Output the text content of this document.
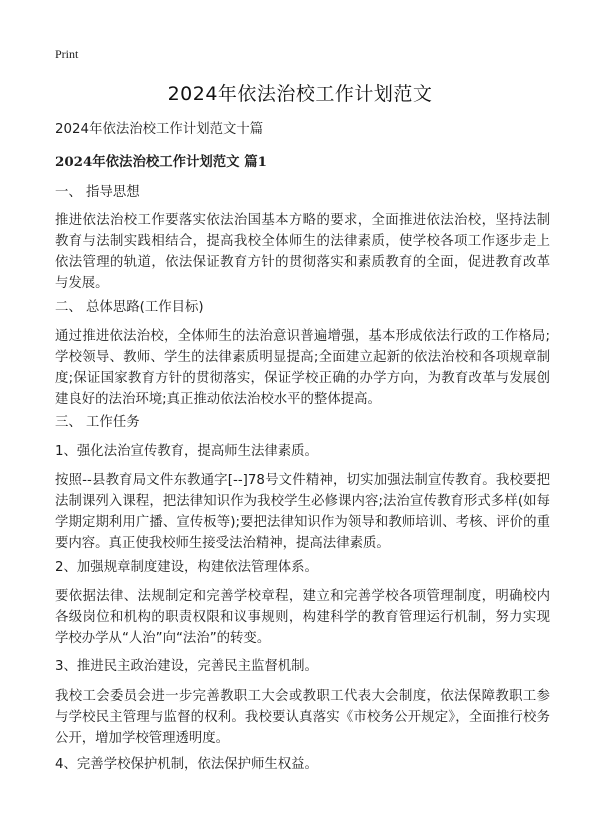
Print
2024年依法治校工作计划范文
2024年依法治校工作计划范文十篇
2024年依法治校工作计划范文 篇1
一、 指导思想
推进依法治校工作要落实依法治国基本方略的要求，全面推进依法治校，坚持法制教育与法制实践相结合，提高我校全体师生的法律素质，使学校各项工作逐步走上依法管理的轨道，依法保证教育方针的贯彻落实和素质教育的全面，促进教育改革与发展。
二、 总体思路(工作目标)
通过推进依法治校，全体师生的法治意识普遍增强，基本形成依法行政的工作格局;学校领导、教师、学生的法律素质明显提高;全面建立起新的依法治校和各项规章制度;保证国家教育方针的贯彻落实，保证学校正确的办学方向，为教育改革与发展创建良好的法治环境;真正推动依法治校水平的整体提高。
三、 工作任务
1、强化法治宣传教育，提高师生法律素质。
按照--县教育局文件东教通字[--]78号文件精神，切实加强法制宣传教育。我校要把法制课列入课程，把法律知识作为我校学生必修课内容;法治宣传教育形式多样(如每学期定期利用广播、宣传板等);要把法律知识作为领导和教师培训、考核、评价的重要内容。真正使我校师生接受法治精神，提高法律素质。
2、加强规章制度建设，构建依法管理体系。
要依据法律、法规制定和完善学校章程，建立和完善学校各项管理制度，明确校内各级岗位和机构的职责权限和议事规则，构建科学的教育管理运行机制，努力实现学校办学从“人治”向“法治”的转变。
3、推进民主政治建设，完善民主监督机制。
我校工会委员会进一步完善教职工大会或教职工代表大会制度，依法保障教职工参与学校民主管理与监督的权利。我校要认真落实《市校务公开规定》，全面推行校务公开，增加学校管理透明度。
4、完善学校保护机制，依法保护师生权益。
